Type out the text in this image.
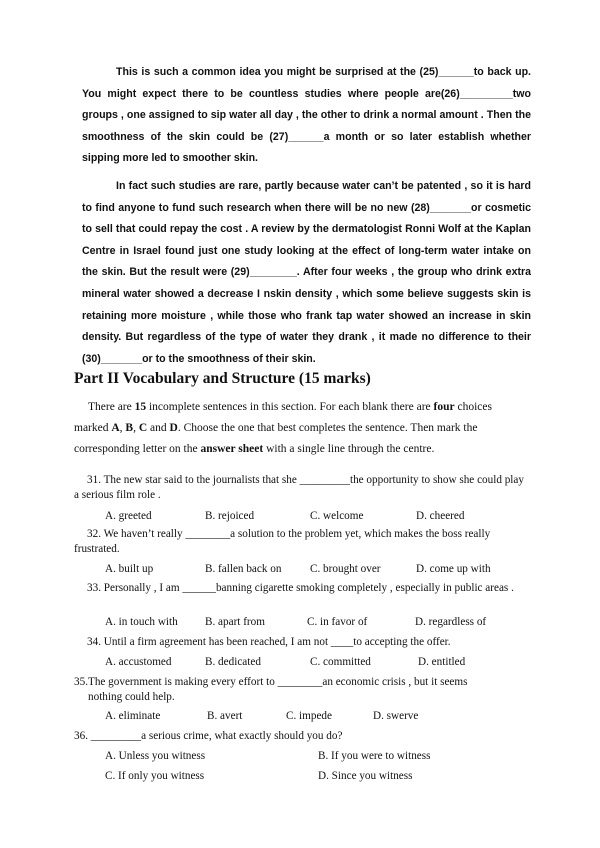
This is such a common idea you might be surprised at the (25)______to back up. You might expect there to be countless studies where people are(26)_________two groups , one assigned to sip water all day , the other to drink a normal amount . Then the smoothness of the skin could be (27)______a month or so later establish whether sipping more led to smoother skin.

In fact such studies are rare, partly because water can’t be patented , so it is hard to find anyone to fund such research when there will be no new (28)_______or cosmetic to sell that could repay the cost . A review by the dermatologist Ronni Wolf at the Kaplan Centre in Israel found just one study looking at the effect of long-term water intake on the skin. But the result were (29)________. After four weeks , the group who drink extra mineral water showed a decrease I nskin density , which some believe suggests skin is retaining more moisture , while those who frank tap water showed an increase in skin density. But regardless of the type of water they drank , it made no difference to their (30)_______or to the smoothness of their skin.

Part II Vocabulary and Structure (15 marks)

There are 15 incomplete sentences in this section. For each blank there are four choices marked A, B, C and D. Choose the one that best completes the sentence. Then mark the corresponding letter on the answer sheet with a single line through the centre.

31. The new star said to the journalists that she _________the opportunity to show she could play a serious film role .

A. greeted	B. rejoiced	C. welcome	D. cheered

32. We haven’t really ________a solution to the problem yet, which makes the boss really frustrated.

A. built up	B. fallen back on	C. brought over	D. come up with

33. Personally , I am ______banning cigarette smoking completely , especially in public areas .

A. in touch with B. apart from	C. in favor of	D. regardless of

34. Until a firm agreement has been reached, I am not ____to accepting the offer.

A. accustomed	B. dedicated	C. committed	D. entitled

35.The government is making every effort to ________an economic crisis , but it seems
nothing could help.

A. eliminate	B. avert	C. impede	D. swerve

36. _________a serious crime, what exactly should you do?

A. Unless you witness	B. If you were to witness
C. If only you witness	D. Since you witness
